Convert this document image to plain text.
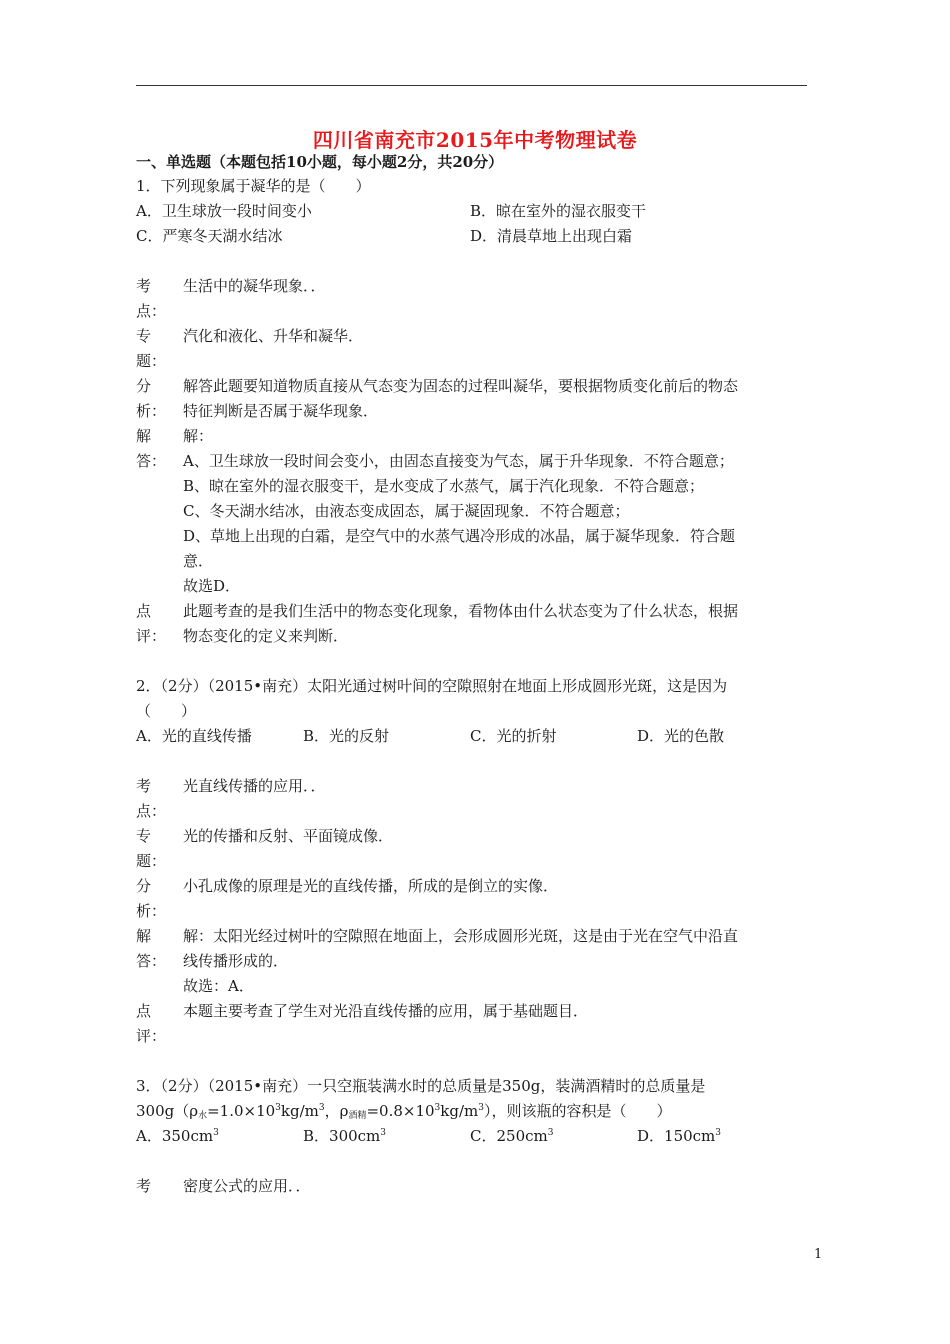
四川省南充市2015年中考物理试卷
一、单选题（本题包括10小题，每小题2分，共20分）
1．下列现象属于凝华的是（　　）
A．卫生球放一段时间变小	B．晾在室外的湿衣服变干
C．严寒冬天湖水结冰	D．清晨草地上出现白霜
考 生活中的凝华现象．．
点：
专 汽化和液化、升华和凝华．
题：
分 解答此题要知道物质直接从气态变为固态的过程叫凝华，要根据物质变化前后的物态
析： 特征判断是否属于凝华现象．
解 解：
答： A、卫生球放一段时间会变小，由固态直接变为气态，属于升华现象．不符合题意；
B、晾在室外的湿衣服变干，是水变成了水蒸气，属于汽化现象．不符合题意；
C、冬天湖水结冰，由液态变成固态，属于凝固现象．不符合题意；
D、草地上出现的白霜，是空气中的水蒸气遇冷形成的冰晶，属于凝华现象．符合题
意．
故选D．
点 此题考查的是我们生活中的物态变化现象，看物体由什么状态变为了什么状态，根据
评： 物态变化的定义来判断．
2．（2分）（2015•南充）太阳光通过树叶间的空隙照射在地面上形成圆形光斑，这是因为
（　　）
A．光的直线传播	B．光的反射	C．光的折射	D．光的色散
考 光直线传播的应用．．
点：
专 光的传播和反射、平面镜成像．
题：
分 小孔成像的原理是光的直线传播，所成的是倒立的实像．
析：
解 解：太阳光经过树叶的空隙照在地面上，会形成圆形光斑，这是由于光在空气中沿直
答： 线传播形成的．
故选：A．
点 本题主要考查了学生对光沿直线传播的应用，属于基础题目．
评：
3．（2分）（2015•南充）一只空瓶装满水时的总质量是350g，装满酒精时的总质量是
$300g(\rho_水=1.0\times 10^3kg/m^3$，$\rho_{酒精}=0.8\times 10^3kg/m^3$），则该瓶的容积是（　　）
A．$350cm^3$	B．$300cm^3$	C．$250cm^3$	D．$150cm^3$
考 密度公式的应用．．
1
